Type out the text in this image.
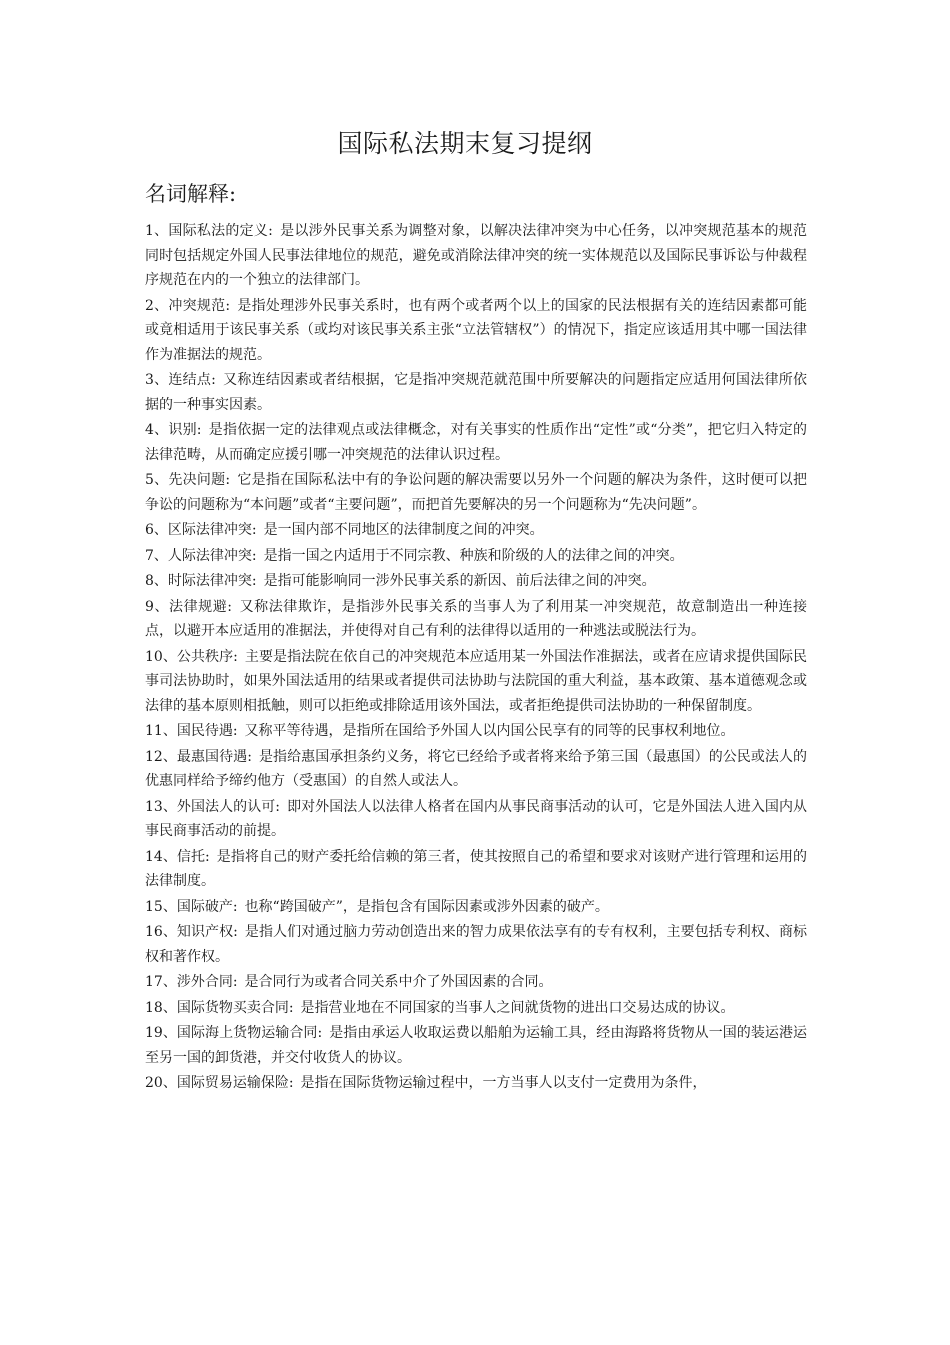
国际私法期末复习提纲
名词解释:

1、国际私法的定义: 是以涉外民事关系为调整对象，以解决法律冲突为中心任务，以冲突规范基本的规范同时包括规定外国人民事法律地位的规范，避免或消除法律冲突的统一实体规范以及国际民事诉讼与仲裁程序规范在内的一个独立的法律部门。

2、冲突规范: 是指处理涉外民事关系时，也有两个或者两个以上的国家的民法根据有关的连结因素都可能或竟相适用于该民事关系（或均对该民事关系主张“立法管辖权”）的情况下，指定应该适用其中哪一国法律作为准据法的规范。

3、连结点: 又称连结因素或者结根据，它是指冲突规范就范围中所要解决的问题指定应适用何国法律所依据的一种事实因素。

4、识别: 是指依据一定的法律观点或法律概念，对有关事实的性质作出“定性”或“分类”，把它归入特定的法律范畴，从而确定应援引哪一冲突规范的法律认识过程。

5、先决问题: 它是指在国际私法中有的争讼问题的解决需要以另外一个问题的解决为条件，这时便可以把争讼的问题称为“本问题”或者“主要问题”，而把首先要解决的另一个问题称为“先决问题”。

6、区际法律冲突: 是一国内部不同地区的法律制度之间的冲突。

7、人际法律冲突: 是指一国之内适用于不同宗教、种族和阶级的人的法律之间的冲突。

8、时际法律冲突: 是指可能影响同一涉外民事关系的新因、前后法律之间的冲突。

9、法律规避: 又称法律欺诈，是指涉外民事关系的当事人为了利用某一冲突规范，故意制造出一种连接点，以避开本应适用的准据法，并使得对自己有利的法律得以适用的一种逃法或脱法行为。

10、公共秩序: 主要是指法院在依自己的冲突规范本应适用某一外国法作准据法，或者在应请求提供国际民事司法协助时，如果外国法适用的结果或者提供司法协助与法院国的重大利益，基本政策、基本道德观念或法律的基本原则相抵触，则可以拒绝或排除适用该外国法，或者拒绝提供司法协助的一种保留制度。

11、国民待遇: 又称平等待遇，是指所在国给予外国人以内国公民享有的同等的民事权利地位。

12、最惠国待遇: 是指给惠国承担条约义务，将它已经给予或者将来给予第三国（最惠国）的公民或法人的优惠同样给予缔约他方（受惠国）的自然人或法人。

13、外国法人的认可: 即对外国法人以法律人格者在国内从事民商事活动的认可，它是外国法人进入国内从事民商事活动的前提。

14、信托: 是指将自己的财产委托给信赖的第三者，使其按照自己的希望和要求对该财产进行管理和运用的法律制度。

15、国际破产: 也称“跨国破产”，是指包含有国际因素或涉外因素的破产。

16、知识产权: 是指人们对通过脑力劳动创造出来的智力成果依法享有的专有权利，主要包括专利权、商标权和著作权。

17、涉外合同: 是合同行为或者合同关系中介了外国因素的合同。

18、国际货物买卖合同: 是指营业地在不同国家的当事人之间就货物的进出口交易达成的协议。

19、国际海上货物运输合同: 是指由承运人收取运费以船舶为运输工具，经由海路将货物从一国的装运港运至另一国的卸货港，并交付收货人的协议。

20、国际贸易运输保险: 是指在国际货物运输过程中，一方当事人以支付一定费用为条件，
